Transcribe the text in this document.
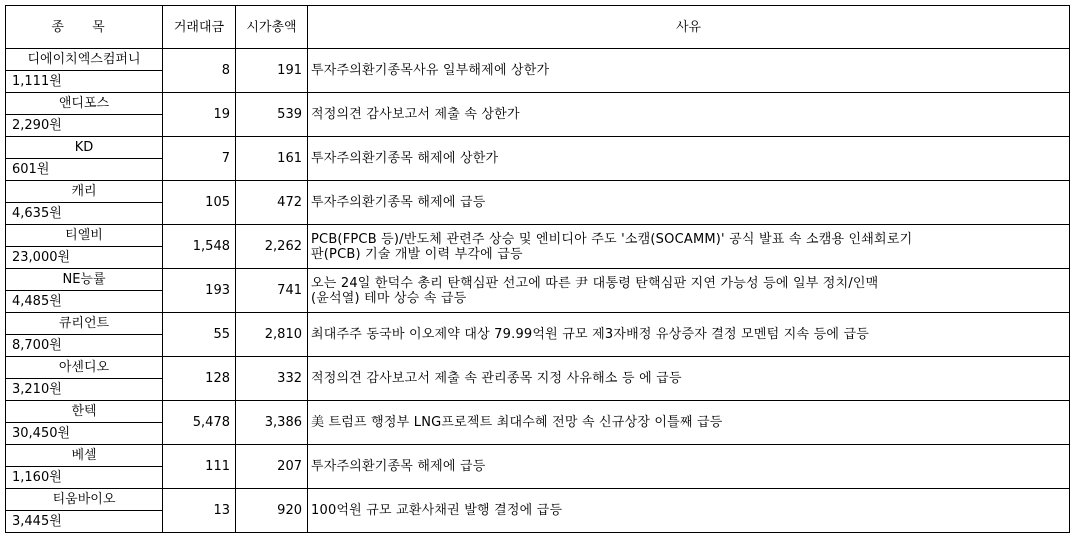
종 목	거래대금	시가총액	사유
디에이치엑스컴퍼니	8	191	투자주의환기종목사유 일부해제에 상한가

1,111원			
앤디포스	19	539	적정의견 감사보고서 제출 속 상한가

2,290원			
KD	7	161	투자주의환기종목 해제에 상한가

601원			
캐리	105	472	투자주의환기종목 해제에 급등

4,635원			
티엘비	1,548	2,262	PCB(FPCB 등)/반도체 관련주 상승 및 엔비디아 주도 '소캠(SOCAMM)' 공식 발표 속 소캠용 인쇄회로기
판(PCB) 기술 개발 이력 부각에 급등

23,000원			
NE능률	193	741	오는 24일 한덕수 총리 탄핵심판 선고에 따른 尹 대통령 탄핵심판 지연 가능성 등에 일부 정치/인맥
(윤석열) 테마 상승 속 급등

4,485원			
큐리언트	55	2,810	최대주주 동국바 이오제약 대상 79.99억원 규모 제3자배정 유상증자 결정 모멘텀 지속 등에 급등

8,700원			
아센디오	128	332	적정의견 감사보고서 제출 속 관리종목 지정 사유해소 등 에 급등

3,210원			
한텍	5,478	3,386	美 트럼프 행정부 LNG프로젝트 최대수혜 전망 속 신규상장 이틀째 급등

30,450원			
베셀	111	207	투자주의환기종목 해제에 급등

1,160원			
티움바이오	13	920	100억원 규모 교환사채권 발행 결정에 급등

3,445원			
